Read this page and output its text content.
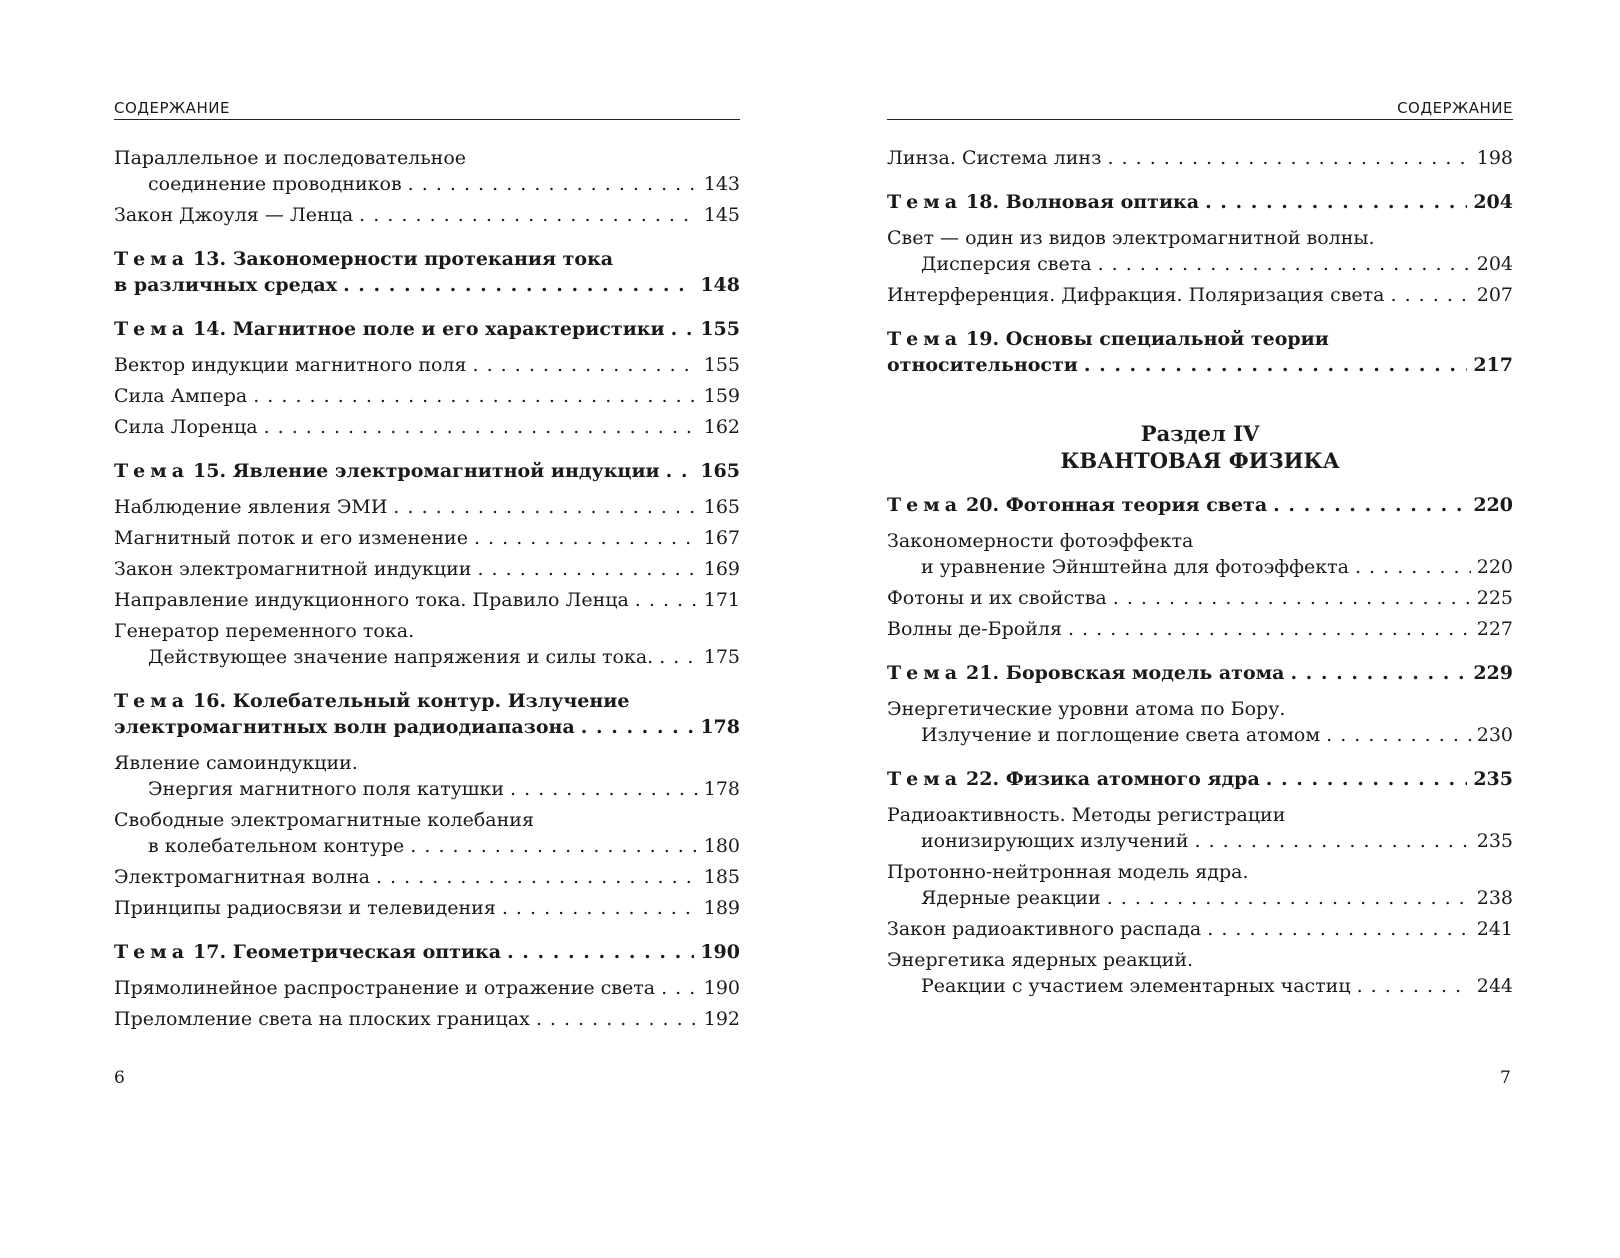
СОДЕРЖАНИЕ
Параллельное и последовательное
соединение проводников . . .	143
Закон Джоуля — Ленца . . .	145
Тема 13. Закономерности протекания тока
в различных средах . . .	148
Тема 14. Магнитное поле и его характеристики . . . 155
Вектор индукции магнитного поля . . .	155
Сила Ампера . . .	159
Сила Лоренца . . .	162
Тема 15. Явление электромагнитной индукции . . . 165
Наблюдение явления ЭМИ . . .	165
Магнитный поток и его изменение . . .	167
Закон электромагнитной индукции . . .	169
Направление индукционного тока. Правило Ленца . . .	171
Генератор переменного тока.
Действующее значение напряжения и силы тока. . . .	175
Тема 16. Колебательный контур. Излучение
электромагнитных волн радиодиапазона . . .	178
Явление самоиндукции.
Энергия магнитного поля катушки . . .	178
Свободные электромагнитные колебания
в колебательном контуре . . .	180
Электромагнитная волна . . .	185
Принципы радиосвязи и телевидения . . .	189
Тема 17. Геометрическая оптика . . .	190
Прямолинейное распространение и отражение света . . .	190
Преломление света на плоских границах . . .	192
СОДЕРЖАНИЕ
Линза. Система линз . . .	198
Тема 18. Волновая оптика . . .	204
Свет — один из видов электромагнитной волны.
Дисперсия света . . .	204
Интерференция. Дифракция. Поляризация света . . .	207
Тема 19. Основы специальной теории
относительности . . .	217
Раздел IV
КВАНТОВАЯ ФИЗИКА
Тема 20. Фотонная теория света . . .	220
Закономерности фотоэффекта
и уравнение Эйнштейна для фотоэффекта . . .	220
Фотоны и их свойства . . .	225
Волны де-Бройля . . .	227
Тема 21. Боровская модель атома . . .	229
Энергетические уровни атома по Бору.
Излучение и поглощение света атомом . . .	230
Тема 22. Физика атомного ядра . . .	235
Радиоактивность. Методы регистрации
ионизирующих излучений . . .	235
Протонно-нейтронная модель ядра.
Ядерные реакции . . .	238
Закон радиоактивного распада . . .	241
Энергетика ядерных реакций.
Реакции с участием элементарных частиц . . .	244
6	7
